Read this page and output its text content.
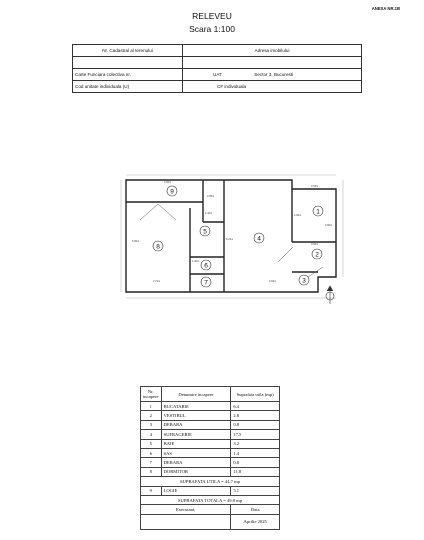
ANEXA NR.1B
RELEVEU
Scara 1:100
Nr. Cadastral al terenului	Adresa imobilului

Carte Funciara colectiva nr.	UAT Sector 3, Bucuresti
Cod unitate individuala (U)	CF individuala
9
1
5
4
8
2
6
7	3
4.06m
3.56m
1.40m
6.22m
2.96m
3.56m
2.94m
2.72m
1.40m
5.96m
2.95m
2.80m
Nr. incapere	Denumire incapere	Suprafata utila (mp)
1	BUCATARIE	6.4
2	VESTIBUL	2.8
3	DEBARA	0.8
4	SUFRAGERIE	17.5
5	BAIE	3.2
6	SAS	1.4
7	DEBARA	0.8
8	DORMITOR	11.8
SUPRAFATA UTILA = 44.7 mp		
9	LOGIE	5.1
SUPRAFATA TOTALA = 49.8 mp		
Executant,		Data
		Aprilie 2025
